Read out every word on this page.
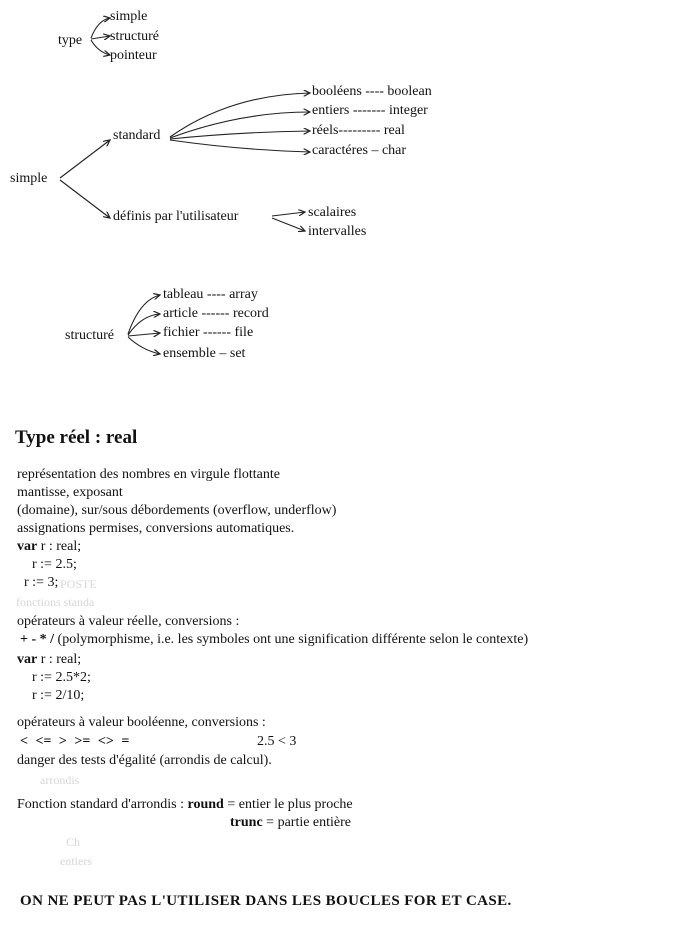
type
simple
structuré
pointeur
simple
standard
booléens ---- boolean
entiers ------- integer
réels--------- real
caractéres – char
définis par l'utilisateur	scalaires
intervalles
structuré
tableau ---- array
article ------ record
fichier ------ file
ensemble – set
Type réel : real
représentation des nombres en virgule flottante
mantisse, exposant
(domaine), sur/sous débordements (overflow, underflow)
assignations permises, conversions automatiques.
var r : real;
r := 2.5;
r := 3; POSTE
fonctions standa
opérateurs à valeur réelle, conversions :
+ - * / (polymorphisme, i.e. les symboles ont une signification différente selon le contexte)
var r : real;
r := 2.5*2;
r := 2/10;
opérateurs à valeur booléenne, conversions :
< <= > >= <> =	2.5 < 3
danger des tests d'égalité (arrondis de calcul).
arrondis
Fonction standard d'arrondis : round = entier le plus proche
trunc = partie entière
Ch
entiers
ON NE PEUT PAS L'UTILISER DANS LES BOUCLES FOR ET CASE.
